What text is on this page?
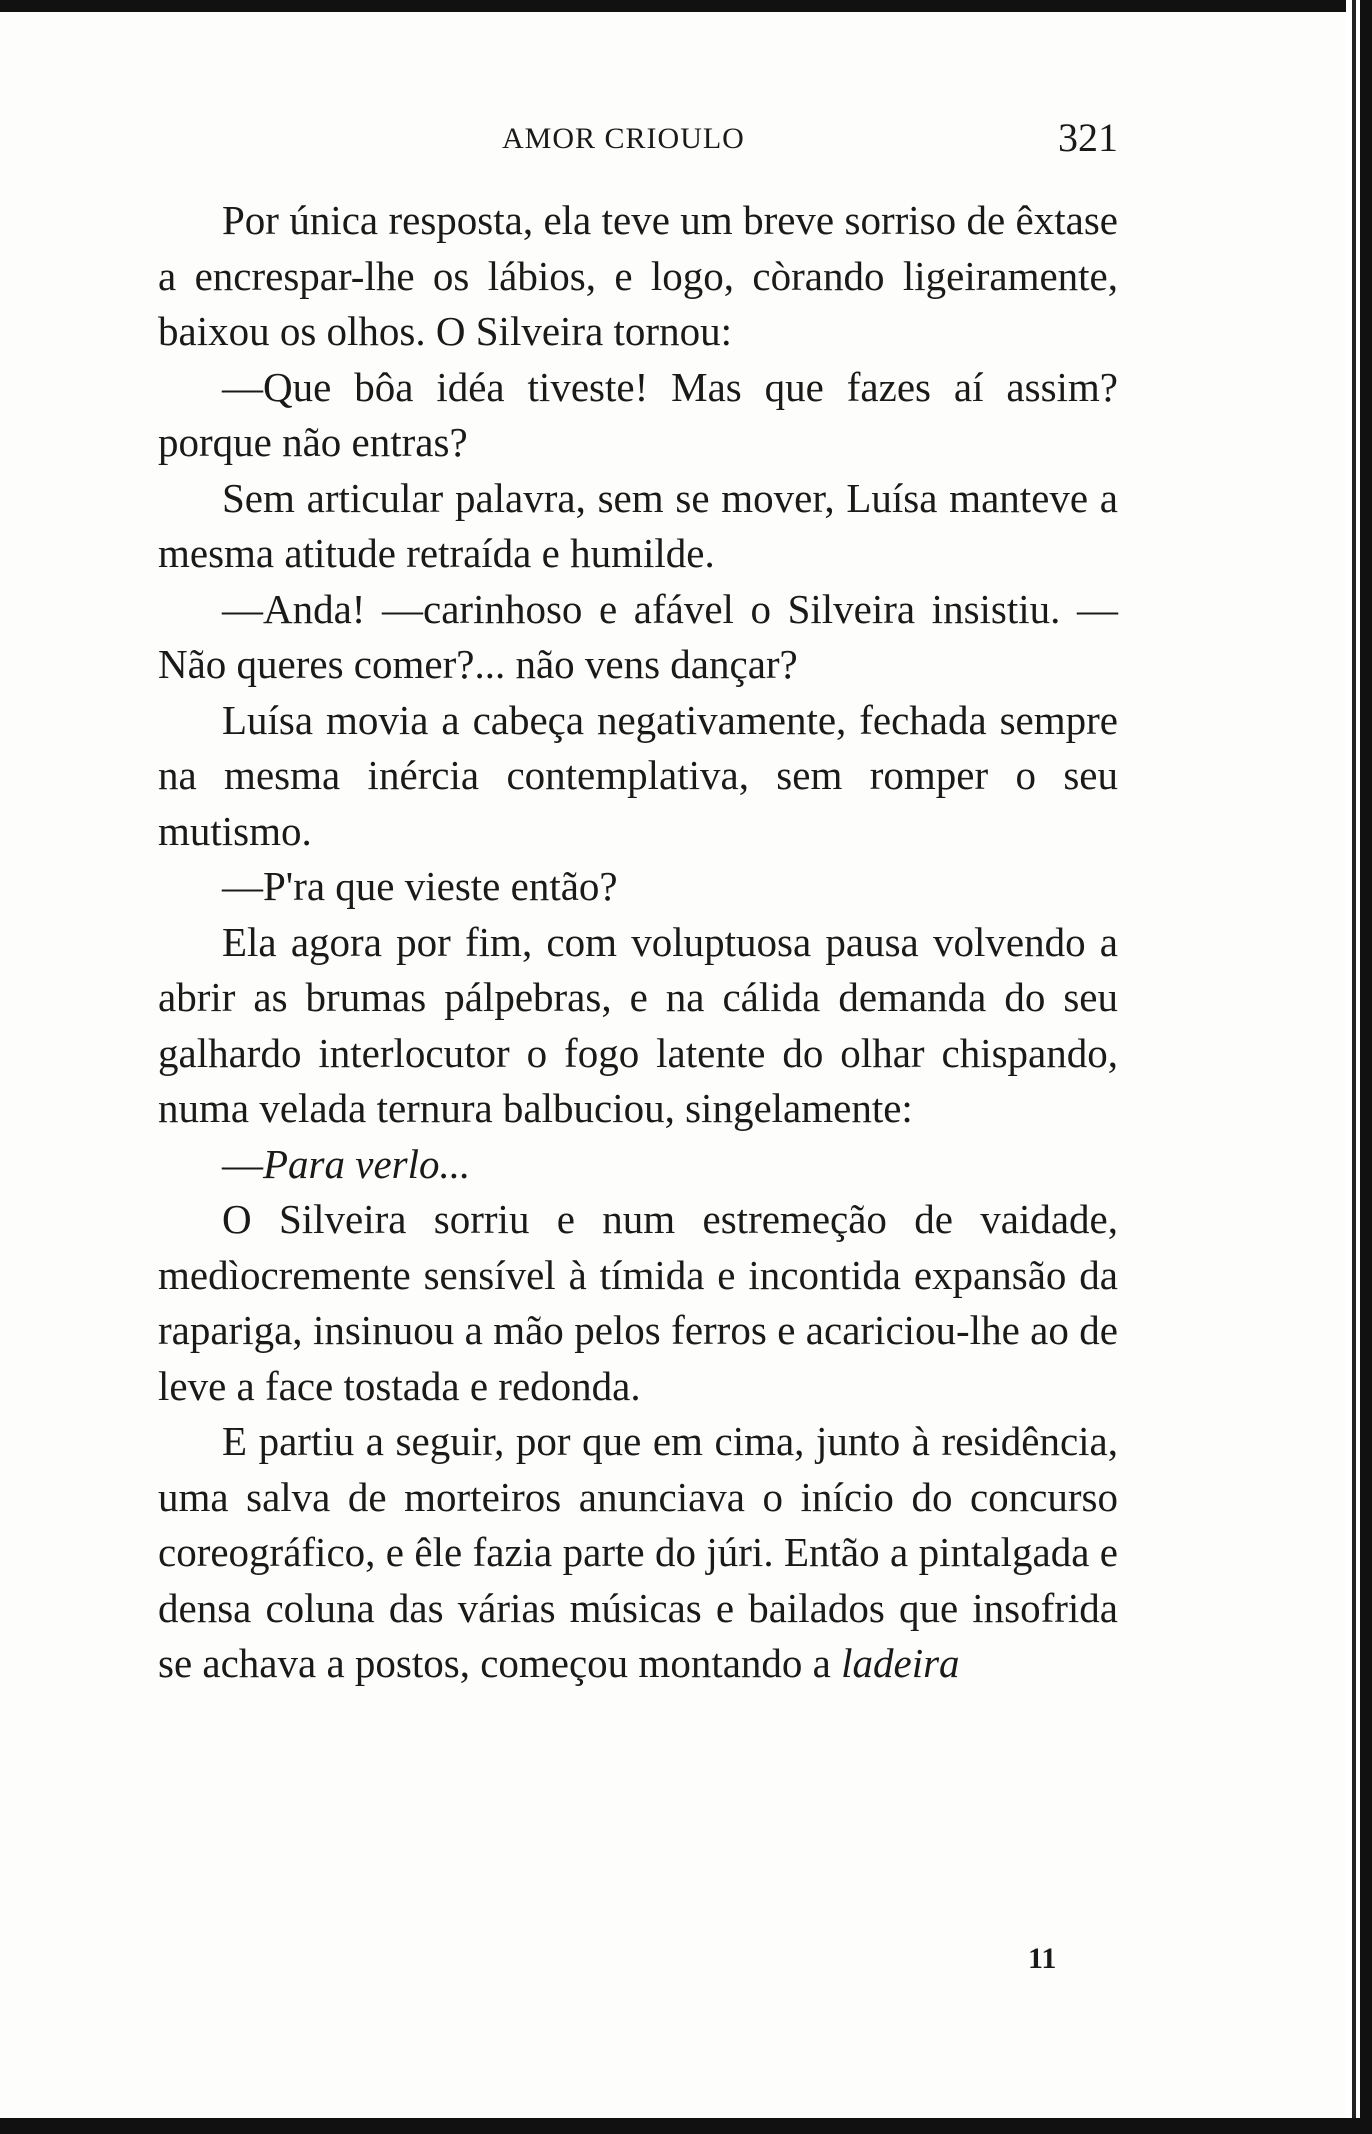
AMOR CRIOULO	321

Por única resposta, ela teve um breve sorriso de êxtase a encrespar-lhe os lábios, e logo, còrando ligeiramente, baixou os olhos. O Silveira tornou:

—Que bôa idéa tiveste! Mas que fazes aí assim? porque não entras?

Sem articular palavra, sem se mover, Luísa manteve a mesma atitude retraída e humilde.

—Anda! —carinhoso e afável o Silveira insistiu. —Não queres comer?... não vens dançar?

Luísa movia a cabeça negativamente, fechada sempre na mesma inércia contemplativa, sem romper o seu mutismo.

—P'ra que vieste então?

Ela agora por fim, com voluptuosa pausa volvendo a abrir as brumas pálpebras, e na cálida demanda do seu galhardo interlocutor o fogo latente do olhar chispando, numa velada ternura balbuciou, singelamente:

—Para verlo...

O Silveira sorriu e num estremeção de vaidade, medìocremente sensível à tímida e incontida expansão da rapariga, insinuou a mão pelos ferros e acariciou-lhe ao de leve a face tostada e redonda.

E partiu a seguir, por que em cima, junto à residência, uma salva de morteiros anunciava o início do concurso coreográfico, e êle fazia parte do júri. Então a pintalgada e densa coluna das várias músicas e bailados que insofrida se achava a postos, começou montando a ladeira

11
